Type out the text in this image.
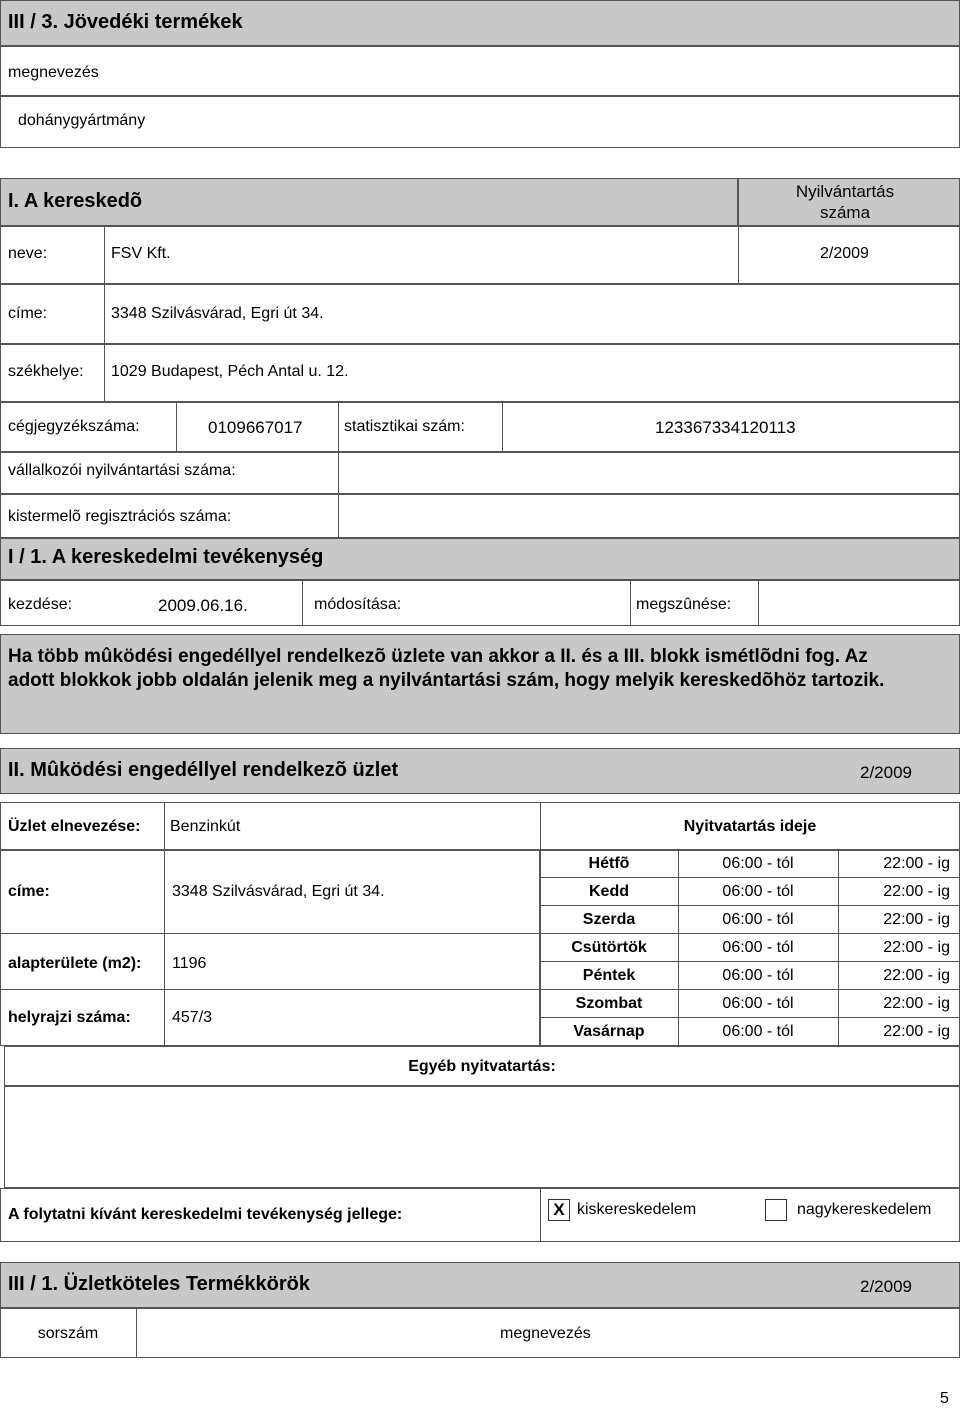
III / 3. Jövedéki termékek
megnevezés
dohánygyártmány
I. A kereskedõ	Nyilvántartás száma
neve:	FSV Kft.	2/2009
címe:	3348 Szilvásvárad, Egri út 34.
székhelye: 1029 Budapest, Péch Antal u. 12.
cégjegyzékszáma:	0109667017	statisztikai szám:	123367334120113
vállalkozói nyilvántartási száma:
kistermelõ regisztrációs száma:
I / 1. A kereskedelmi tevékenység
kezdése:	2009.06.16.	módosítása:	megszûnése:
Ha több mûködési engedéllyel rendelkezõ üzlete van akkor a II. és a III. blokk ismétlõdni fog. Az adott blokkok jobb oldalán jelenik meg a nyilvántartási szám, hogy melyik kereskedõhöz tartozik.
II. Mûködési engedéllyel rendelkezõ üzlet	2/2009
Üzlet elnevezése: Benzinkút	Nyitvatartás ideje
címe:	3348 Szilvásvárad, Egri út 34.
alapterülete (m2): 1196
helyrajzi száma:	457/3
Hétfõ	06:00 - tól	22:00 - ig
Kedd	06:00 - tól	22:00 - ig
Szerda	06:00 - tól	22:00 - ig
Csütörtök	06:00 - tól	22:00 - ig
Péntek	06:00 - tól	22:00 - ig
Szombat	06:00 - tól	22:00 - ig
Vasárnap	06:00 - tól	22:00 - ig
Egyéb nyitvatartás:
A folytatni kívánt kereskedelmi tevékenység jellege:	X kiskereskedelem	nagykereskedelem
III / 1. Üzletköteles Termékkörök	2/2009
sorszám	megnevezés
5
